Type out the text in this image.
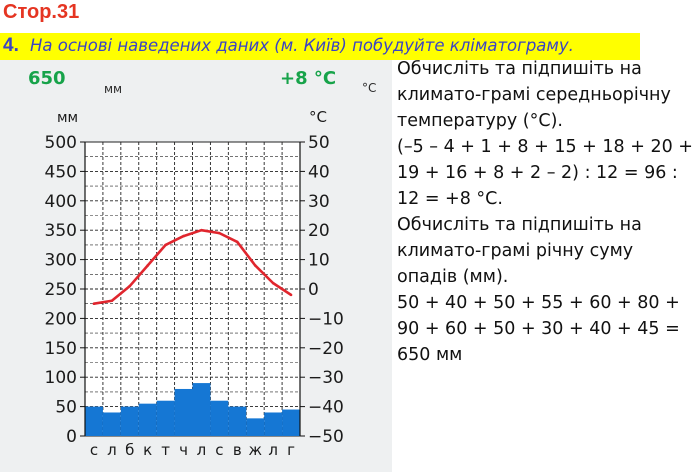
Стор.31
4. На основі наведених даних (м. Київ) побудуйте кліматограму.
0
50
100
150
200
250
300
350
400
450
500
−50
−40
−30
−20
−10
0
10
20
30
40
50
с л б к т ч л с в ж л г
мм	°C
мм	°C
650	+8 °C	Обчисліть та підпишіть на климато-грамі середньорічну температуру (°С).

(–5 – 4 + 1 + 8 + 15 + 18 + 20 + 19 + 16 + 8 + 2 – 2) : 12 = 96 : 12 = +8 °С.

Обчисліть та підпишіть на климато-грамі річну суму опадів (мм).

50 + 40 + 50 + 55 + 60 + 80 + 90 + 60 + 50 + 30 + 40 + 45 = 650 мм
